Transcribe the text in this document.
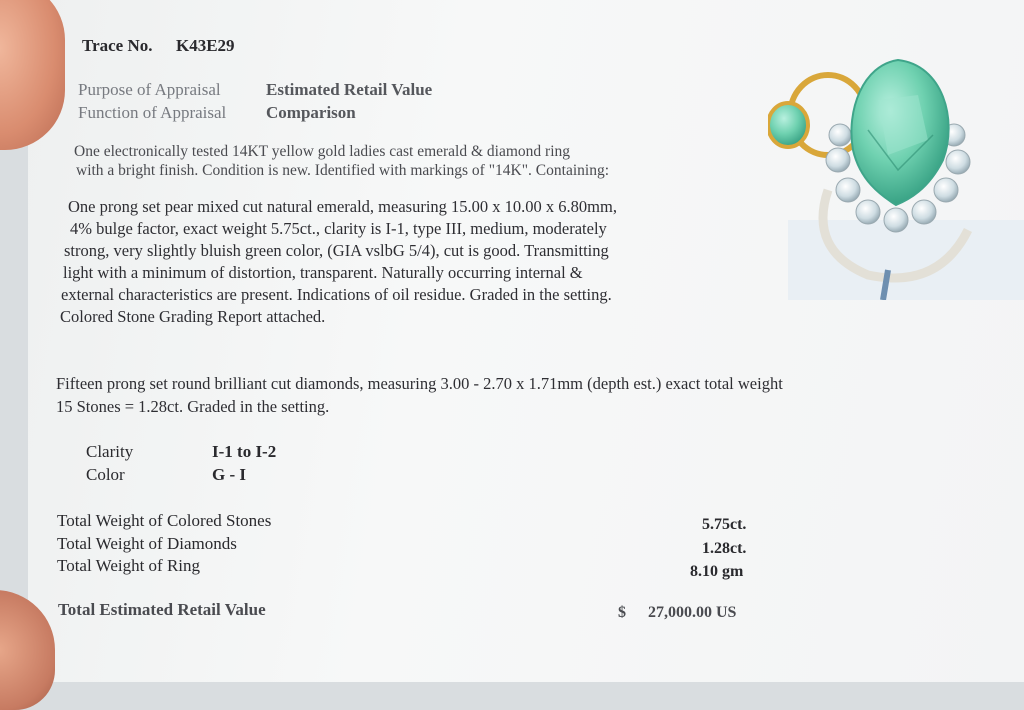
Trace No. K43E29
Purpose of Appraisal	Estimated Retail Value
Function of Appraisal Comparison
One electronically tested 14KT yellow gold ladies cast emerald & diamond ring
with a bright finish. Condition is new. Identified with markings of "14K". Containing:
One prong set pear mixed cut natural emerald, measuring 15.00 x 10.00 x 6.80mm,
4% bulge factor, exact weight 5.75ct., clarity is I-1, type III, medium, moderately
strong, very slightly bluish green color, (GIA vslbG 5/4), cut is good. Transmitting
light with a minimum of distortion, transparent. Naturally occurring internal &
external characteristics are present. Indications of oil residue. Graded in the setting.
Colored Stone Grading Report attached.
Fifteen prong set round brilliant cut diamonds, measuring 3.00 - 2.70 x 1.71mm (depth est.) exact total weight
15 Stones = 1.28ct. Graded in the setting.
Clarity	I-1 to I-2
Color	G - I
Total Weight of Colored Stones	5.75ct.
Total Weight of Diamonds	1.28ct.
Total Weight of Ring	8.10 gm
Total Estimated Retail Value	$ 27,000.00 US
